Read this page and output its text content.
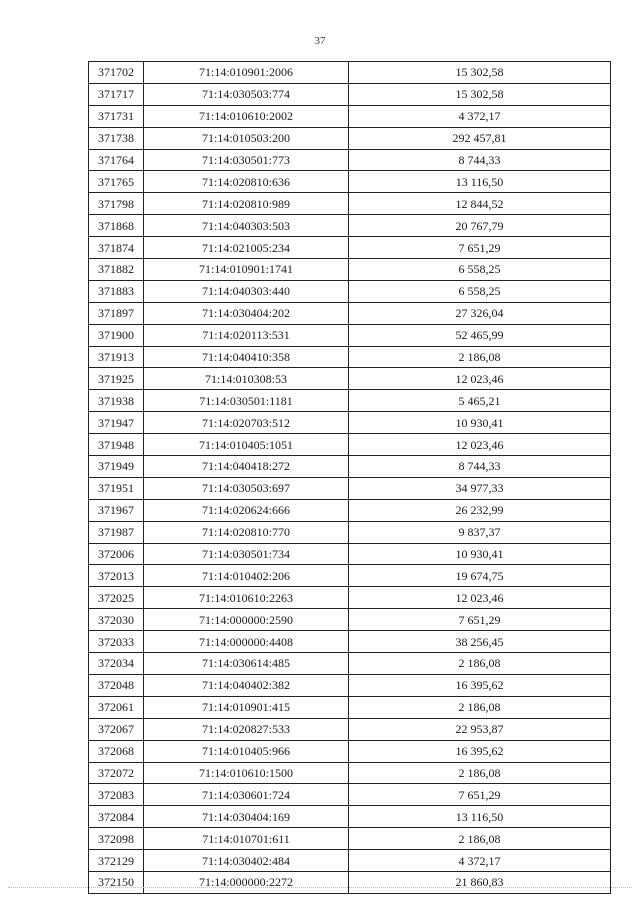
37
371702	71:14:010901:2006	15 302,58
371717	71:14:030503:774	15 302,58
371731	71:14:010610:2002	4 372,17
371738	71:14:010503:200	292 457,81
371764	71:14:030501:773	8 744,33
371765	71:14:020810:636	13 116,50
371798	71:14:020810:989	12 844,52
371868	71:14:040303:503	20 767,79
371874	71:14:021005:234	7 651,29
371882	71:14:010901:1741	6 558,25
371883	71:14:040303:440	6 558,25
371897	71:14:030404:202	27 326,04
371900	71:14:020113:531	52 465,99
371913	71:14:040410:358	2 186,08
371925	71:14:010308:53	12 023,46
371938	71:14:030501:1181	5 465,21
371947	71:14:020703:512	10 930,41
371948	71:14:010405:1051	12 023,46
371949	71:14:040418:272	8 744,33
371951	71:14:030503:697	34 977,33
371967	71:14:020624:666	26 232,99
371987	71:14:020810:770	9 837,37
372006	71:14:030501:734	10 930,41
372013	71:14:010402:206	19 674,75
372025	71:14:010610:2263	12 023,46
372030	71:14:000000:2590	7 651,29
372033	71:14:000000:4408	38 256,45
372034	71:14:030614:485	2 186,08
372048	71:14:040402:382	16 395,62
372061	71:14:010901:415	2 186,08
372067	71:14:020827:533	22 953,87
372068	71:14:010405:966	16 395,62
372072	71:14:010610:1500	2 186,08
372083	71:14:030601:724	7 651,29
372084	71:14:030404:169	13 116,50
372098	71:14:010701:611	2 186,08
372129	71:14:030402:484	4 372,17
372150	71:14:000000:2272	21 860,83
